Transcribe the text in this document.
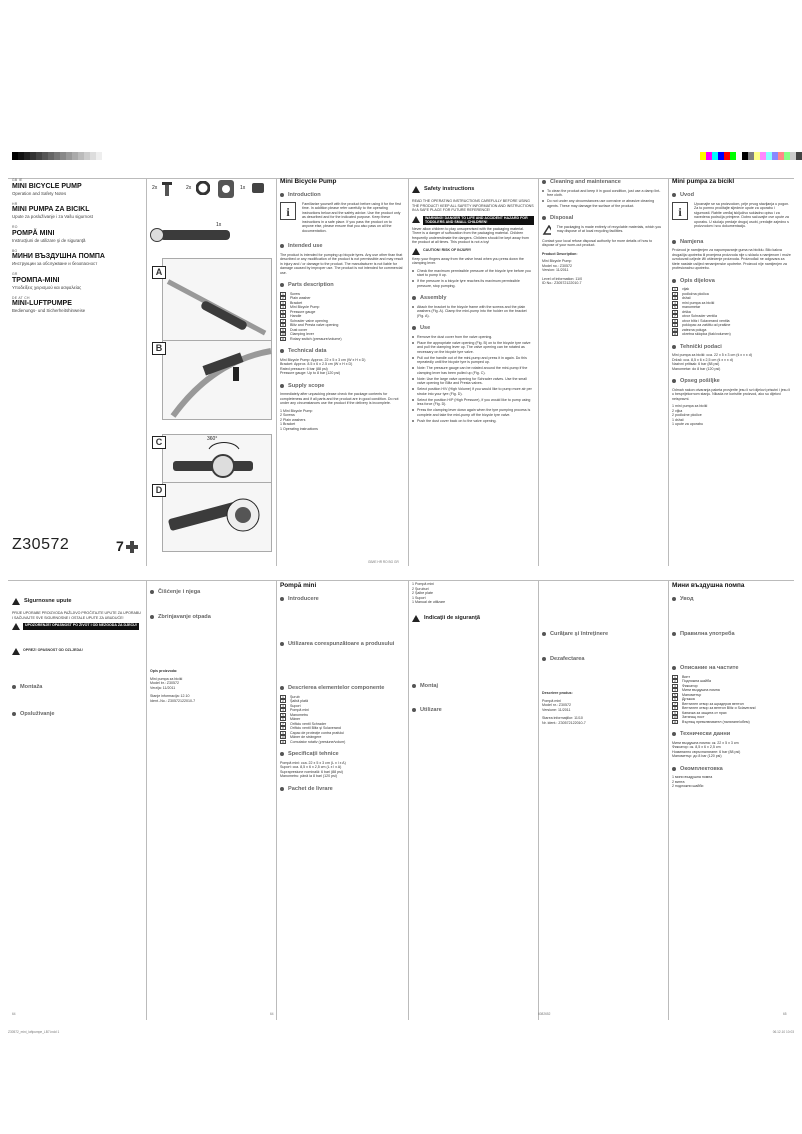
GB IE
MINI BICYCLE PUMP
Operation and Safety Notes
HR
MINI PUMPA ZA BICIKL
Upute za posluživanje i za Vašu sigurnost
RO
POMPĂ MINI
Instrucţiuni de utilizare şi de siguranţă
BG
МИНИ ВЪЗДУШНА ПОМПА
Инструкции за обслужване и безопасност
GR
ΤΡΟΜΠΑ-ΜΙΝΙ
Υποδείξεις χειρισμού και ασφαλείας
DE AT CH
MINI-LUFTPUMPE
Bedienungs- und Sicherheitshinweise
Z30572
2x	2x	1x
1x
A
B
360°
C
D
7
Mini Bicycle Pump
Introduction
i
Familiarize yourself with the product before using it for the first time. In addition please refer carefully to the operating instructions below and the safety advice. Use the product only as described and for the indicated purpose. Keep these instructions in a safe place. If you pass the product on to anyone else, please ensure that you also pass on all the documentation.
Intended use
The product is intended for pumping up bicycle tyres. Any use other than that described or any modification of the product is not permissible and may result in injury and / or damage to the product. The manufacturer is not liable for damage caused by improper use. The product is not intended for commercial use.
Parts description
1	Screw
2	Plain washer
3	Bracket
4	Mini Bicycle Pump
5	Pressure gauge
6	Handle
7	Schrader valve opening
8	Blitz and Presta valve opening
9	Dust cover
10	Clamping lever
11	Rotary switch (pressure/volume)
Technical data
Mini Bicycle Pump: Approx. 22 x 5 x 3 cm (W x H x D)
Bracket: Approx. 8.5 x 6 x 2.5 cm (W x H x D)
Rated pressure: 6 bar (88 psi)
Pressure gauge: Up to 8 bar (120 psi)
Supply scope
Immediately after unpacking please check the package contents for completeness and if all parts and the product are in good condition. Do not under any circumstances use the product if the delivery is incomplete.
1 Mini Bicycle Pump
2 Screws
2 Plain washers
1 Bracket
1 Operating instructions
Safety instructions
READ THE OPERATING INSTRUCTIONS CAREFULLY BEFORE USING THE PRODUCT! KEEP ALL SAFETY INFORMATION AND INSTRUCTIONS IN A SAFE PLACE FOR FUTURE REFERENCE!
WARNING! DANGER TO LIFE AND ACCIDENT HAZARD FOR TODDLERS AND SMALL CHILDREN!
Never allow children to play unsupervised with the packaging material. There is a danger of suffocation from the packaging material. Children frequently underestimate the dangers. Children should be kept away from the product at all times. This product is not a toy!
CAUTION! RISK OF INJURY!
Keep your fingers away from the valve head when you press down the clamping lever.
Check the maximum permissible pressure of the bicycle tyre before you start to pump it up.
If the pressure in a bicycle tyre reaches its maximum permissible pressure, stop pumping.
Assembly
Attach the bracket to the bicycle frame with the screws and the plain washers (Fig. A). Clamp the mini-pump into the holder on the bracket (Fig. A).
Use
Remove the dust cover from the valve opening.
Place the appropriate valve opening (Fig. B) on to the bicycle tyre valve and pull the clamping lever up. The valve opening can be rotated as necessary on the bicycle tyre valve.
Pull out the handle out of the mini-pump and press it in again. Do this repeatedly until the bicycle tyre is pumped up.
Note: The pressure gauge can be rotated around the mini-pump if the clamping lever has been pulled up (Fig. C).
Note: Use the large valve opening for Schrader valves. Use the small valve opening for Blitz and Presta valves.
Select position H/V (High Volume) if you would like to pump more air per stroke into your tyre (Fig. D).
Select the position H/P (High Pressure), if you would like to pump using less force (Fig. D).
Press the clamping lever down again when the tyre pumping process is complete and take the mini-pump off the bicycle tyre valve.
Push the dust cover back on to the valve opening.
Cleaning and maintenance
To clean the product and keep it in good condition, just use a damp lint-free cloth.
Do not under any circumstances use corrosive or abrasive cleaning agents. These may damage the surface of the product.
Disposal
The packaging is made entirely of recyclable materials, which you may dispose of at local recycling facilities.
Contact your local refuse disposal authority for more details of how to dispose of your worn-out product.
Product Description:
Mini Bicycle Pump
Model no.: Z30572
Version: 11/2011
Level of information: 11/0
ID No.: Z30572122010-7
Mini pumpa za bicikl
Uvod
i
Upoznajte se sa proizvodom, prije prvog stavljanja u pogon. Za to pomno pročitajte sljedeće upute za uporabu i sigurnosti. Rabite uređaj isključivo sukladno opisu i za navedena područja primjene. Dobro sačuvajte ove upute za uporabu. U slučaju predaje drugoj osobi, predajte zajedno s proizvodom i svu dokumentaciju.
Namjena
Proizvod je namijenjen za napumpavanje guma na biciklu. Bilo kakva drugačija upotreba ili promjena proizvoda nije u skladu s namjenom i može uzrokovati ozljede i/ili oštećenje proizvoda. Proizvođač ne odgovara za štete nastale uslijed nenamjenske upotrebe. Proizvod nije namijenjen za profesionalnu upotrebu.
Opis dijelova
1	vijak
2	podložna pločica
3	držač
4	mini pumpa za bicikl
5	manometar
6	drška
7	otvor Schrader ventila
8	otvor blitz i Sclaverand ventila
9	poklopac za zaštitu od prašine
10	zatezna poluga
11	okretna sklopka (tlak/volumen)
Tehnički podaci
Mini pumpa za bicikl: cca. 22 x 5 x 3 cm (š x v x d)
Držač: cca. 8,5 x 6 x 2,5 cm (š x v x d)
Nazivni pritisak: 6 bar (88 psi)
Manometar: do 8 bar (120 psi)
Opseg pošiljke
Odmah nakon otvaranja paketa provjerite jesu li svi dijelovi prisutni i jesu li u besprijekornom stanju. Nikada ne koristite proizvod, ako su dijelovi neispravni.
1 mini pumpa za bicikl
2 vijka
2 podložne pločice
1 držač
1 upute za uporabu
GB/IE HR RO BG GR
Sigurnosne upute
PRIJE UPORABE PROIZVODA PAŽLJIVO PROČITAJTE UPUTE ZA UPORABU I SAČUVAJTE SVE SIGURNOSNE I OSTALE UPUTE ZA UBUDUĆE!
UPOZORENJE! OPASNOST PO ŽIVOT I OD NEZGODA ZA DJECU!
OPREZ! OPASNOST OD OZLJEDA!
Montaža
Opsluživanje
Čišćenje i njega
Zbrinjavanje otpada
Opis proizvoda:
Mini pumpa za bicikl
Model br.: Z30572
Verzija: 11/2011
Stanje informacija: 12.10
Ident.-No.: Z30572122010-7
Pompă mini
Introducere
Utilizarea corespunzătoare a produsului
Descrierea elementelor componente
1	Şurub
2	Şaibă plată
3	Suport
4	Pompă mini
5	Manometru
6	Mâner
7	Orificiu ventil Schrader
8	Orificiu ventil Blitz şi Sclaverand
9	Capac de protecţie contra prafului
10	Mâner de strângere
11	Comutator rotativ (presiune/volum)
Specificaţii tehnice
Pompă mini: cca. 22 x 5 x 3 cm (L x l x A)
Suport: cca. 8,5 x 6 x 2,5 cm (L x l x A)
Suprapresiune nominală: 6 bari (88 psi)
Manometru: până la 8 bari (120 psi)
Pachet de livrare
1 Pompă mini
2 Şuruburi
2 Şaibe plate
1 Suport
1 Manual de utilizare
Indicaţii de siguranţă
Montaj
Utilizare
Curăţare şi întreţinere
Dezafectarea
Descriere produs:
Pompă mini
Model nr.: Z30572
Versiune: 11/2011
Starea informaţiilor: 11/10
Nr. ident.: Z30572122010-7
Мини въздушна помпа
Увод
Правилна употреба
Описание на частите
1	Винт
2	Подложна шайба
3	Фиксатор
4	Мини въздушна помпа
5	Манометър
6	Дръжка
7	Вентилен отвор за шрадеров вентил
8	Вентилен отвор за вентил Blitz и Sclaverand
9	Капачка за защита от прах
10	Затягащ лост
11	Въртящ превключвател (налягане/обем)
Технически данни
Мини въздушна помпа: ок. 22 x 5 x 3 cm
Фиксатор: ок. 8,5 x 6 x 2,5 cm
Номинално свръхналягане: 6 bar (88 psi)
Манометър: до 8 bar (120 psi)
Окомплектовка
1 мини въздушна помпа
2 винта
2 подложни шайби
64	64	6082652	65
Z30572_mini_luftpumpe_LB7.indd 1	06.12.10 10:03
